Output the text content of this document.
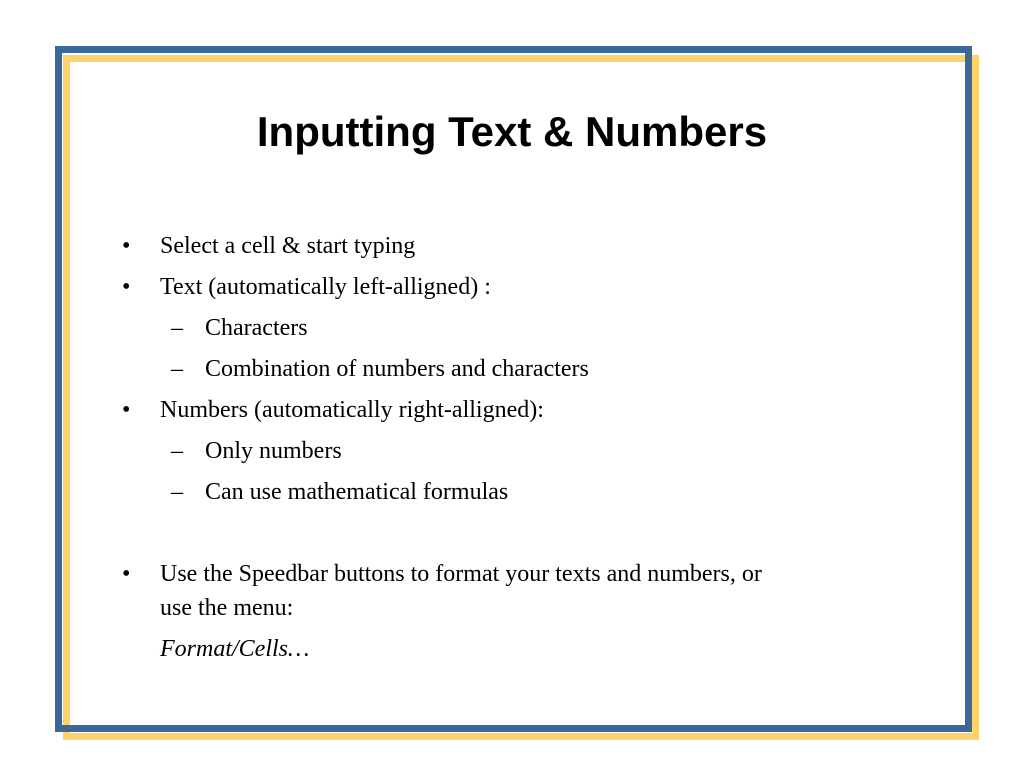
Inputting Text & Numbers
• Select a cell & start typing
• Text (automatically left-alligned) :
– Characters
– Combination of numbers and characters
• Numbers (automatically right-alligned):
– Only numbers
– Can use mathematical formulas
• Use the Speedbar buttons to format your texts and numbers, or
use the menu:
Format/Cells…
